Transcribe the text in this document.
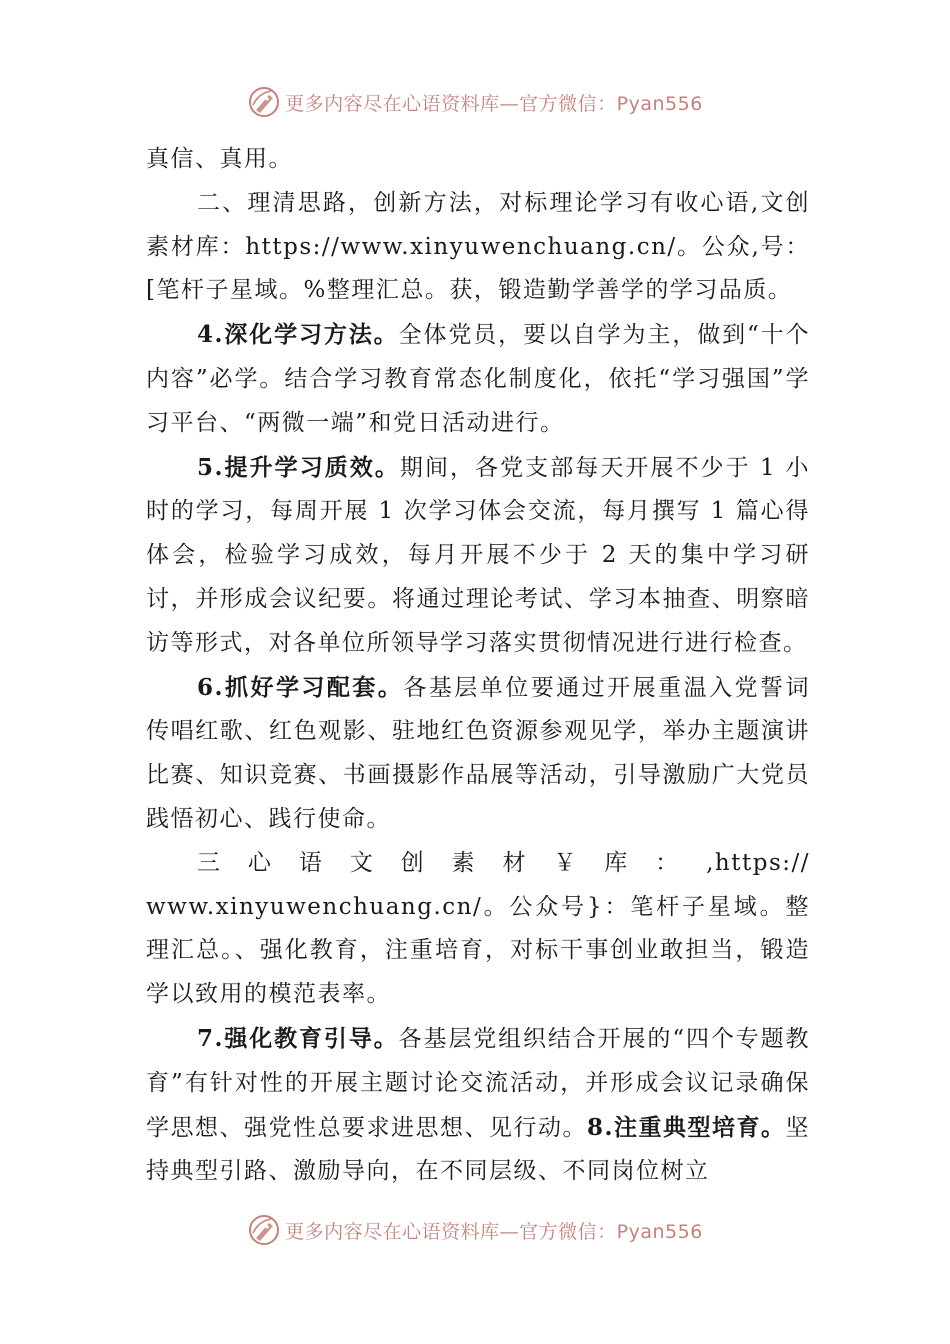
更多内容尽在心语资料库—官方微信：Pyan556

真信、真用。

二、理清思路，创新方法，对标理论学习有收心语,文创素材库：https://www.xinyuwenchuang.cn/。公众,号：[笔杆子星域。%整理汇总。获，锻造勤学善学的学习品质。

4.深化学习方法。全体党员，要以自学为主，做到“十个内容”必学。结合学习教育常态化制度化，依托“学习强国”学习平台、“两微一端”和党日活动进行。

5.提升学习质效。期间，各党支部每天开展不少于 1 小时的学习，每周开展 1 次学习体会交流，每月撰写 1 篇心得体会，检验学习成效，每月开展不少于 2 天的集中学习研讨，并形成会议纪要。将通过理论考试、学习本抽查、明察暗访等形式，对各单位所领导学习落实贯彻情况进行进行检查。

6.抓好学习配套。各基层单位要通过开展重温入党誓词传唱红歌、红色观影、驻地红色资源参观见学，举办主题演讲比赛、知识竞赛、书画摄影作品展等活动，引导激励广大党员践悟初心、践行使命。

三心语文创素材￥库：,https://www.xinyuwenchuang.cn/。公众号}：笔杆子星域。整理汇总。、强化教育，注重培育，对标干事创业敢担当，锻造学以致用的模范表率。

7.强化教育引导。各基层党组织结合开展的“四个专题教育”有针对性的开展主题讨论交流活动，并形成会议记录确保学思想、强党性总要求进思想、见行动。8.注重典型培育。坚持典型引路、激励导向，在不同层级、不同岗位树立

更多内容尽在心语资料库—官方微信：Pyan556
